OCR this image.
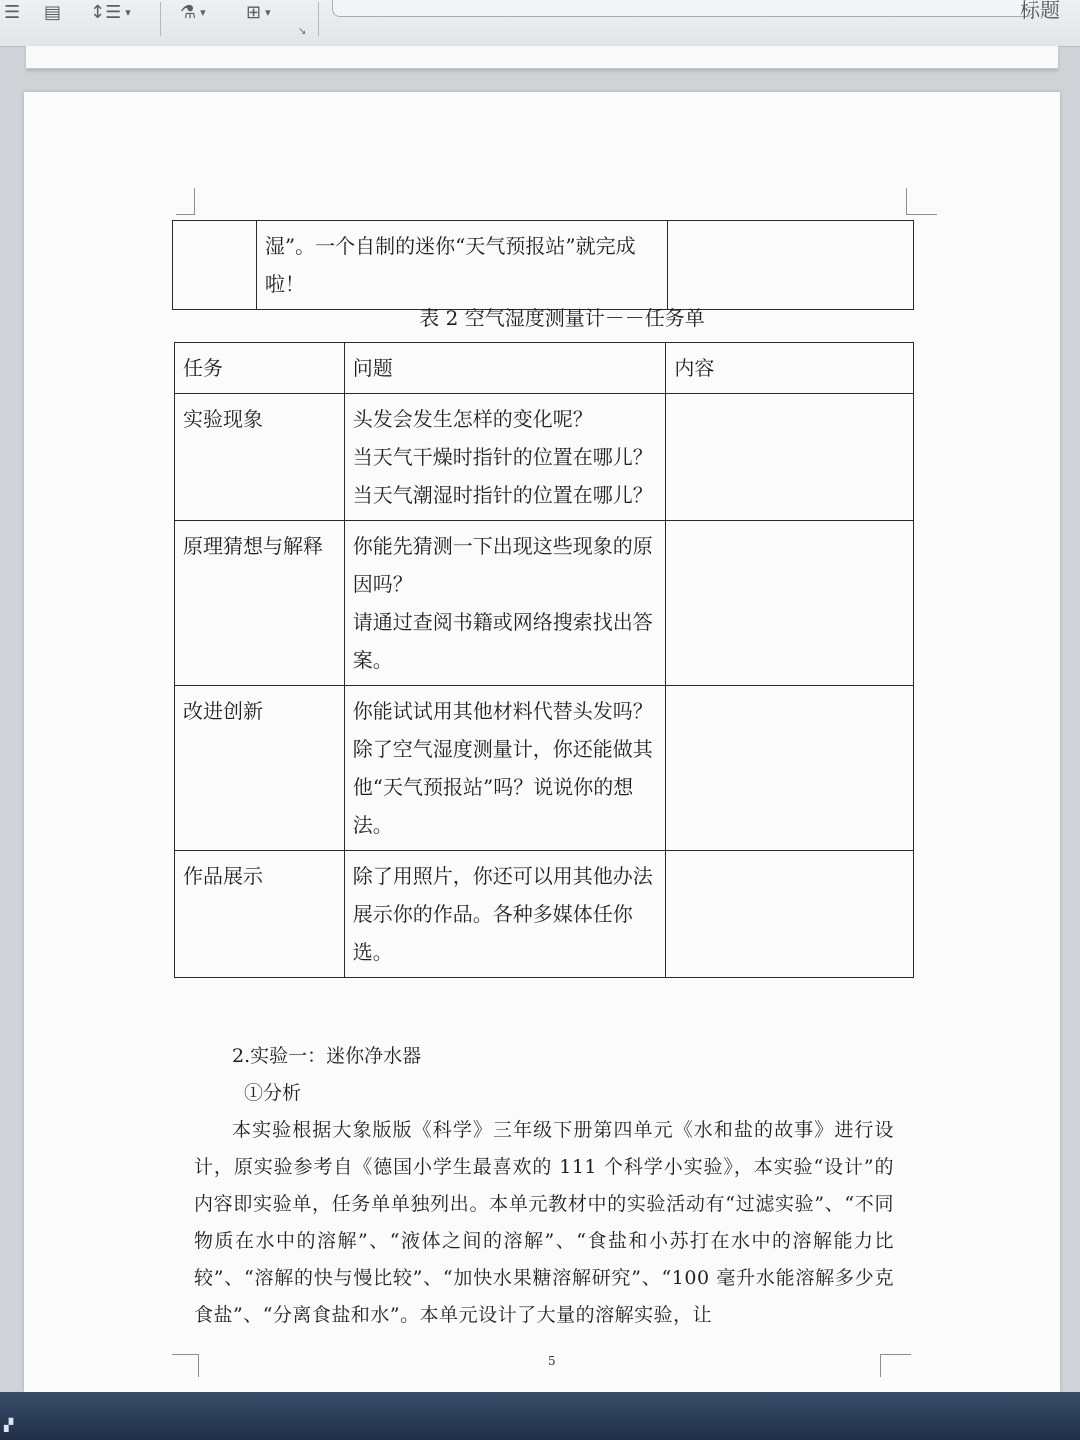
☰ ▤ ↕☰ ▾	⚗ ▾ ⊞ ▾
↘
标题
	湿”。一个自制的迷你“天气预报站”就完成啦！	
表 2 空气湿度测量计－－任务单
任务	问题	内容
实验现象	头发会发生怎样的变化呢？
当天气干燥时指针的位置在哪儿？
当天气潮湿时指针的位置在哪儿？	
原理猜想与解释	你能先猜测一下出现这些现象的原因吗？
请通过查阅书籍或网络搜索找出答案。	
改进创新	你能试试用其他材料代替头发吗？
除了空气湿度测量计，你还能做其他“天气预报站”吗？说说你的想法。	
作品展示	除了用照片，你还可以用其他办法展示你的作品。各种多媒体任你选。	
2.实验一：迷你净水器
①分析
本实验根据大象版版《科学》三年级下册第四单元《水和盐的故事》进行设计，原实验参考自《德国小学生最喜欢的 111 个科学小实验》，本实验“设计”的内容即实验单，任务单单独列出。本单元教材中的实验活动有“过滤实验”、“不同物质在水中的溶解”、“液体之间的溶解”、“食盐和小苏打在水中的溶解能力比较”、“溶解的快与慢比较”、“加快水果糖溶解研究”、“100 毫升水能溶解多少克食盐”、“分离食盐和水”。本单元设计了大量的溶解实验，让
5
▞
